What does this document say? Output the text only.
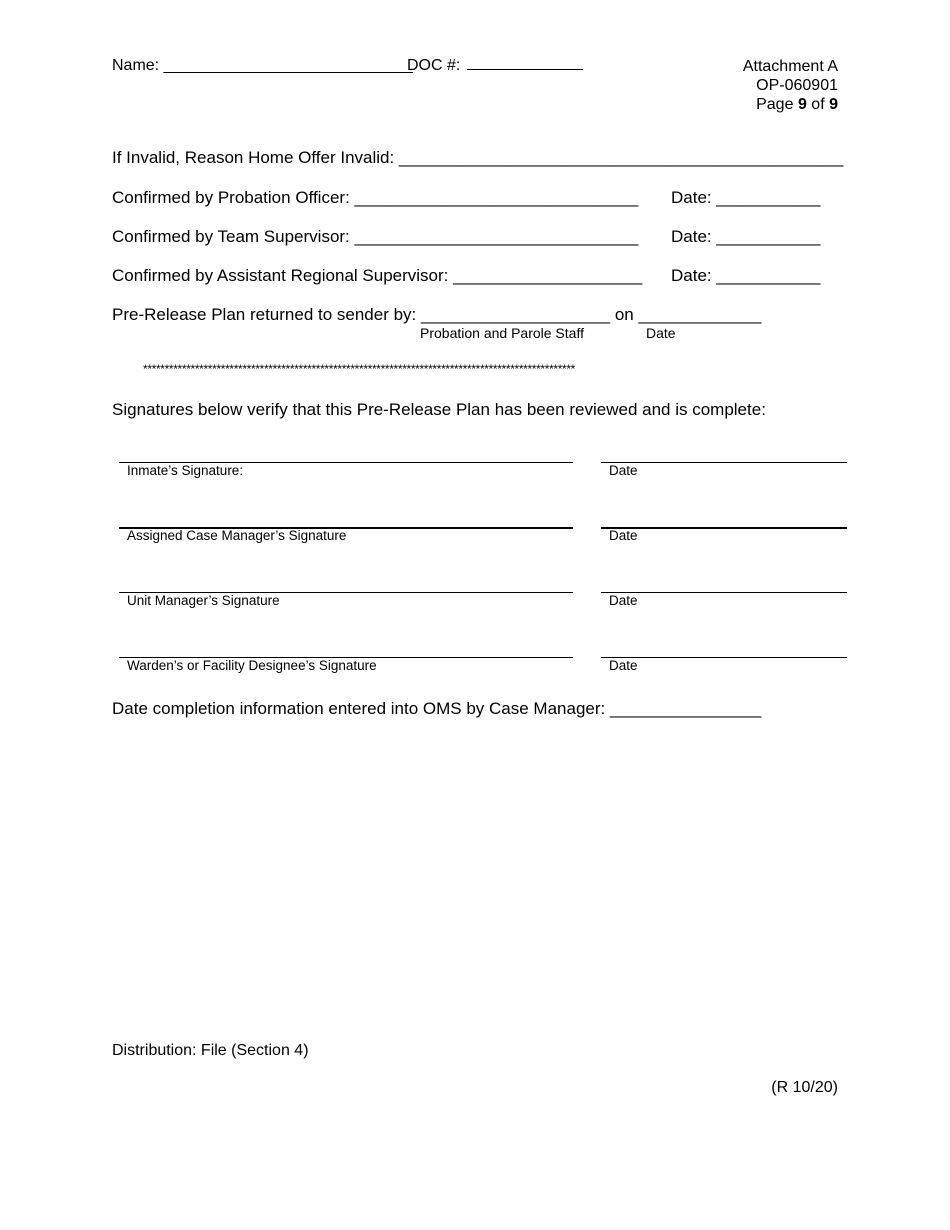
Name: ____________________________
DOC #:	Attachment A
OP-060901
Page 9 of 9
If Invalid, Reason Home Offer Invalid: _______________________________________________
Confirmed by Probation Officer: ______________________________ Date: ___________
Confirmed by Team Supervisor: ______________________________ Date: ___________
Confirmed by Assistant Regional Supervisor: ____________________ Date: ___________
Pre-Release Plan returned to sender by: ____________________ on _____________
Probation and Parole Staff	Date
****************************************************************************************************
Signatures below verify that this Pre-Release Plan has been reviewed and is complete:
Inmate’s Signature:	Date
Assigned Case Manager’s Signature	Date
Unit Manager’s Signature	Date
Warden’s or Facility Designee’s Signature	Date
Date completion information entered into OMS by Case Manager: ________________
Distribution: File (Section 4)
(R 10/20)
